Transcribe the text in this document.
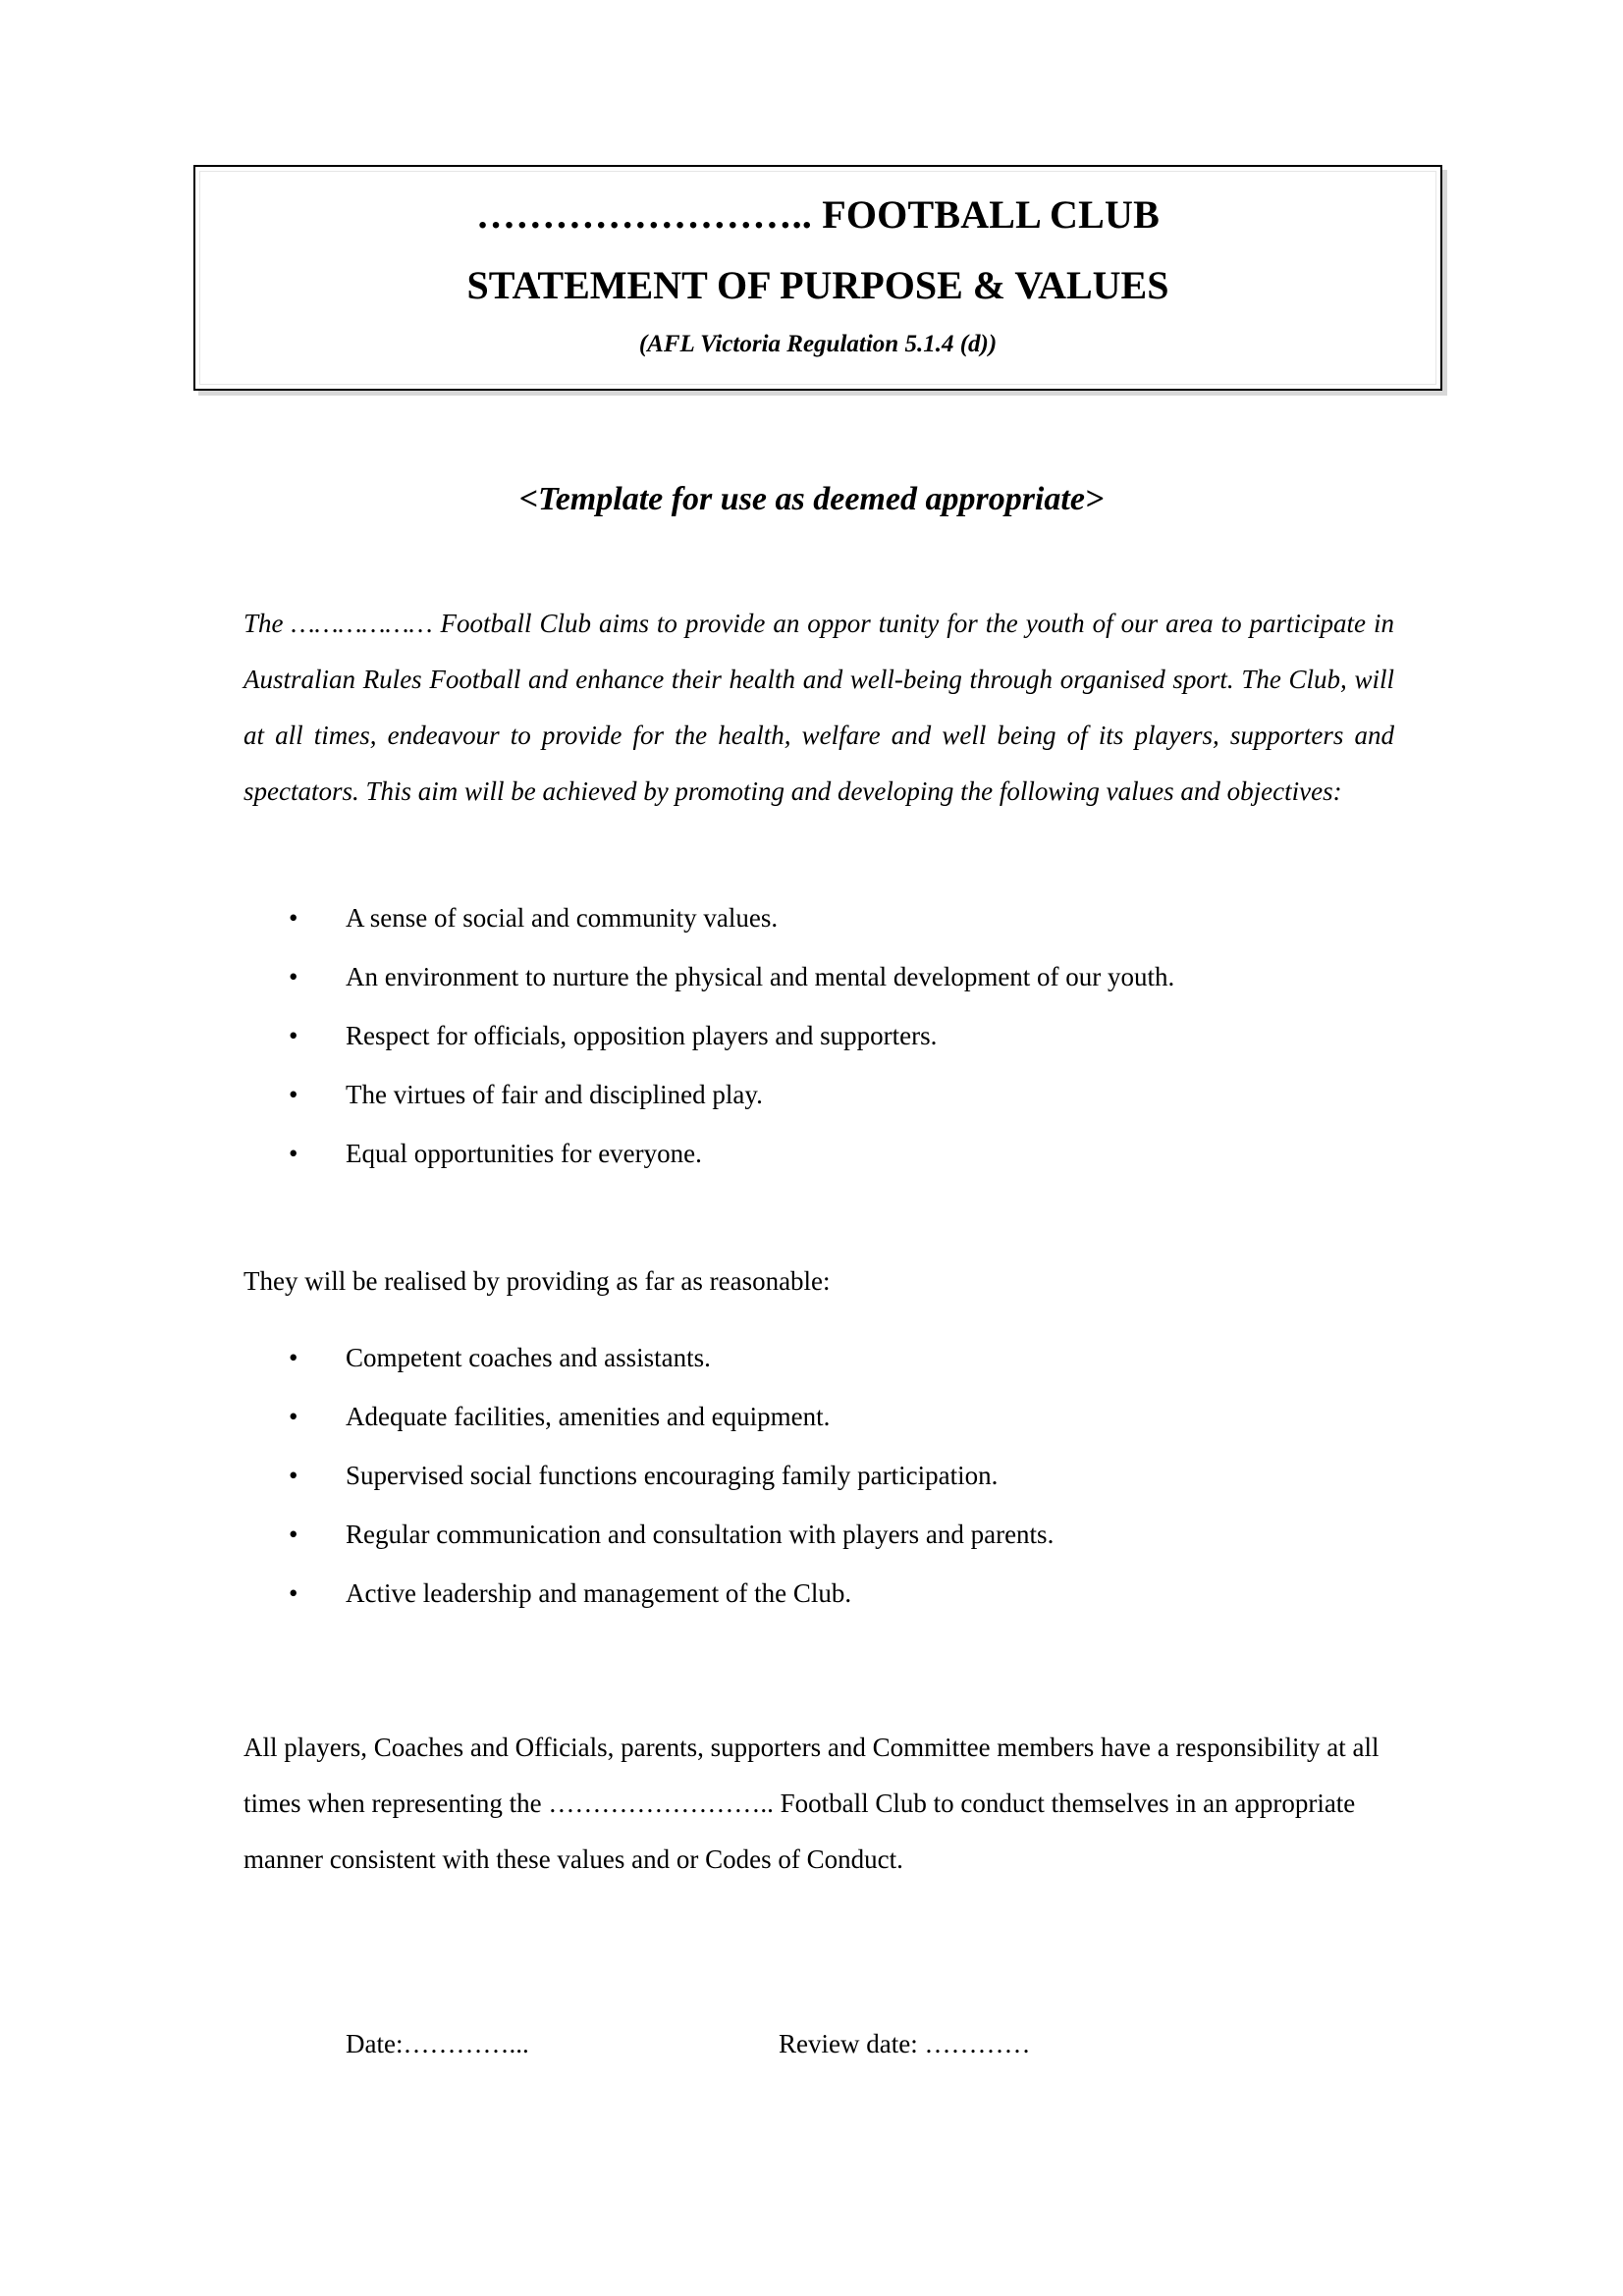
…………………….. FOOTBALL CLUB
STATEMENT OF PURPOSE & VALUES
(AFL Victoria Regulation 5.1.4 (d))
<Template for use as deemed appropriate>

The ……………… Football Club aims to provide an oppor tunity for the youth of our area to participate in Australian Rules Football and enhance their health and well-being through organised sport. The Club, will at all times, endeavour to provide for the health, welfare and well being of its players, supporters and spectators. This aim will be achieved by promoting and developing the following values and objectives:

• A sense of social and community values.
• An environment to nurture the physical and mental development of our youth.
• Respect for officials, opposition players and supporters.
• The virtues of fair and disciplined play.
• Equal opportunities for everyone.

They will be realised by providing as far as reasonable:

• Competent coaches and assistants.
• Adequate facilities, amenities and equipment.
• Supervised social functions encouraging family participation.
• Regular communication and consultation with players and parents.
• Active leadership and management of the Club.

All players, Coaches and Officials, parents, supporters and Committee members have a responsibility at all times when representing the …………………….. Football Club to conduct themselves in an appropriate manner consistent with these values and or Codes of Conduct.

Date:…………...	Review date: …………
